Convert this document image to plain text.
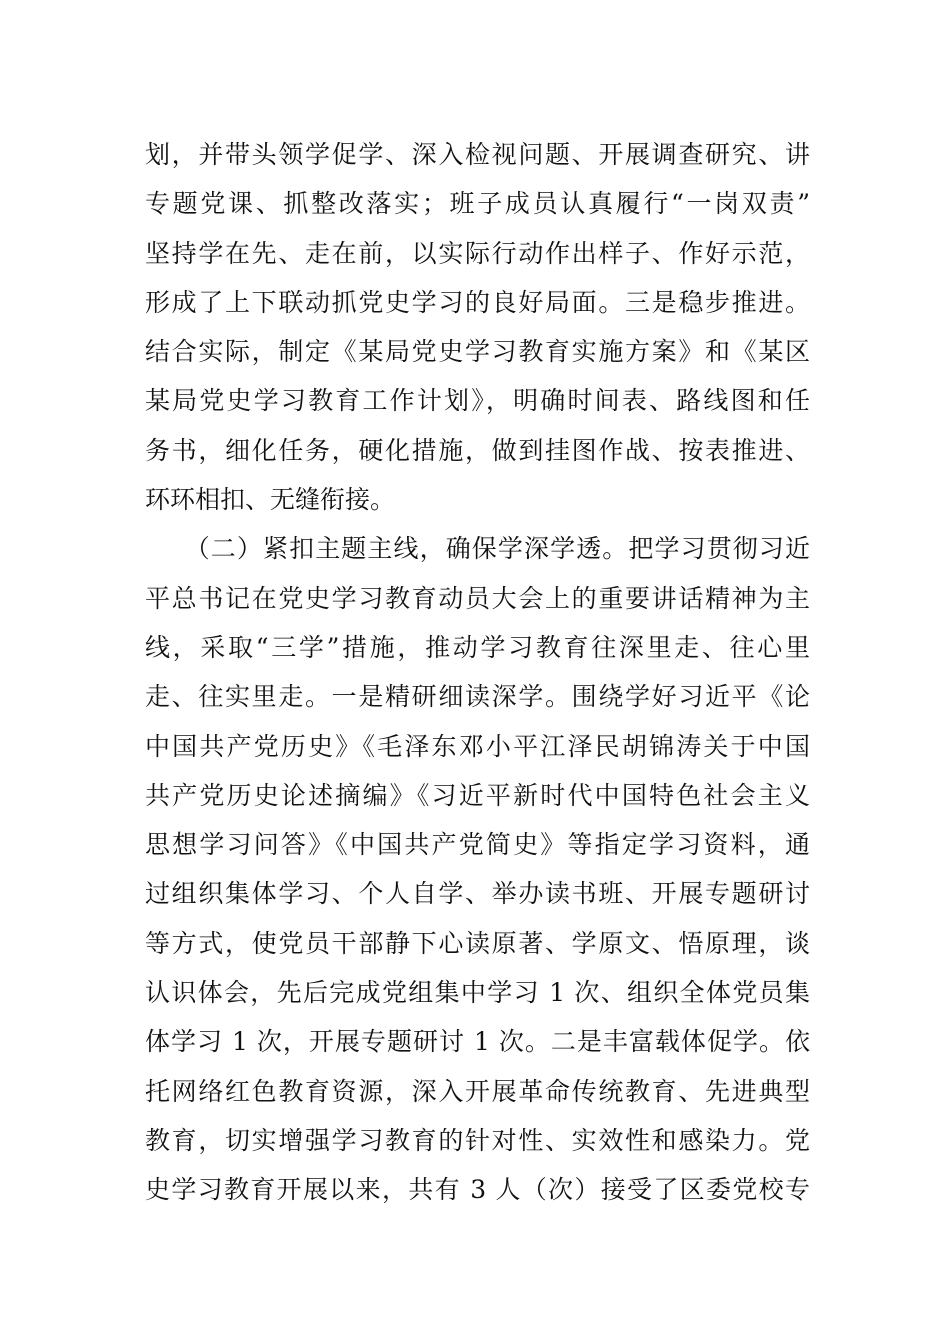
划，并带头领学促学、深入检视问题、开展调查研究、讲
专题党课、抓整改落实；班子成员认真履行“一岗双责”
坚持学在先、走在前，以实际行动作出样子、作好示范，
形成了上下联动抓党史学习的良好局面。三是稳步推进。
结合实际，制定《某局党史学习教育实施方案》和《某区
某局党史学习教育工作计划》，明确时间表、路线图和任
务书，细化任务，硬化措施，做到挂图作战、按表推进、
环环相扣、无缝衔接。
　　（二）紧扣主题主线，确保学深学透。把学习贯彻习近
平总书记在党史学习教育动员大会上的重要讲话精神为主
线，采取“三学”措施，推动学习教育往深里走、往心里
走、往实里走。一是精研细读深学。围绕学好习近平《论
中国共产党历史》《毛泽东邓小平江泽民胡锦涛关于中国
共产党历史论述摘编》《习近平新时代中国特色社会主义
思想学习问答》《中国共产党简史》等指定学习资料，通
过组织集体学习、个人自学、举办读书班、开展专题研讨
等方式，使党员干部静下心读原著、学原文、悟原理，谈
认识体会，先后完成党组集中学习 1 次、组织全体党员集
体学习 1 次，开展专题研讨 1 次。二是丰富载体促学。依
托网络红色教育资源，深入开展革命传统教育、先进典型
教育，切实增强学习教育的针对性、实效性和感染力。党
史学习教育开展以来，共有 3 人（次）接受了区委党校专
